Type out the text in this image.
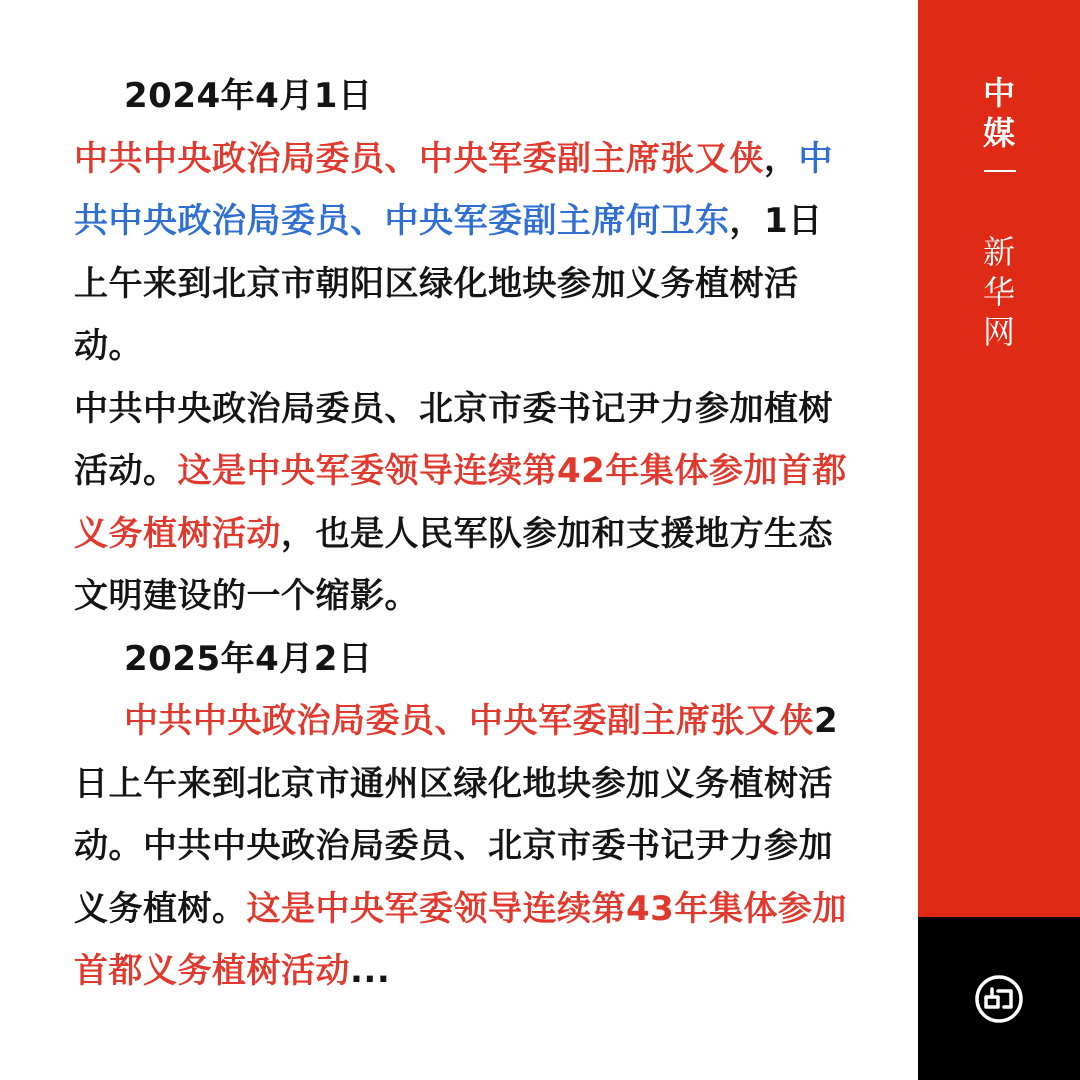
2024年4月1日

中共中央政治局委员、中央军委副主席张又侠，中共中央政治局委员、中央军委副主席何卫东，1日上午来到北京市朝阳区绿化地块参加义务植树活动。

中共中央政治局委员、北京市委书记尹力参加植树活动。这是中央军委领导连续第42年集体参加首都义务植树活动，也是人民军队参加和支援地方生态文明建设的一个缩影。

2025年4月2日

中共中央政治局委员、中央军委副主席张又侠2日上午来到北京市通州区绿化地块参加义务植树活动。中共中央政治局委员、北京市委书记尹力参加义务植树。这是中央军委领导连续第43年集体参加首都义务植树活动...

中
媒
新
华
网
